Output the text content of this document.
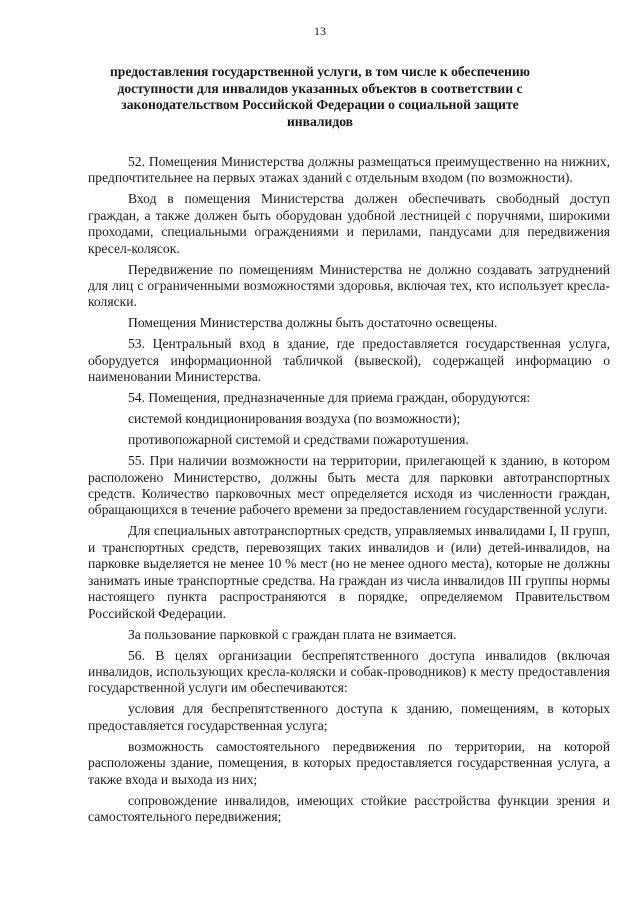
13
предоставления государственной услуги, в том числе к обеспечению доступности для инвалидов указанных объектов в соответствии с законодательством Российской Федерации о социальной защите инвалидов

52. Помещения Министерства должны размещаться преимущественно на нижних, предпочтительнее на первых этажах зданий с отдельным входом (по возможности).

Вход в помещения Министерства должен обеспечивать свободный доступ граждан, а также должен быть оборудован удобной лестницей с поручнями, широкими проходами, специальными ограждениями и перилами, пандусами для передвижения кресел-колясок.

Передвижение по помещениям Министерства не должно создавать затруднений для лиц с ограниченными возможностями здоровья, включая тех, кто использует кресла-коляски.

Помещения Министерства должны быть достаточно освещены.

53. Центральный вход в здание, где предоставляется государственная услуга, оборудуется информационной табличкой (вывеской), содержащей информацию о наименовании Министерства.

54. Помещения, предназначенные для приема граждан, оборудуются:

системой кондиционирования воздуха (по возможности);

противопожарной системой и средствами пожаротушения.

55. При наличии возможности на территории, прилегающей к зданию, в котором расположено Министерство, должны быть места для парковки автотранспортных средств. Количество парковочных мест определяется исходя из численности граждан, обращающихся в течение рабочего времени за предоставлением государственной услуги.

Для специальных автотранспортных средств, управляемых инвалидами I, II групп, и транспортных средств, перевозящих таких инвалидов и (или) детей-инвалидов, на парковке выделяется не менее 10 % мест (но не менее одного места), которые не должны занимать иные транспортные средства. На граждан из числа инвалидов III группы нормы настоящего пункта распространяются в порядке, определяемом Правительством Российской Федерации.

За пользование парковкой с граждан плата не взимается.

56. В целях организации беспрепятственного доступа инвалидов (включая инвалидов, использующих кресла-коляски и собак-проводников) к месту предоставления государственной услуги им обеспечиваются:

условия для беспрепятственного доступа к зданию, помещениям, в которых предоставляется государственная услуга;

возможность самостоятельного передвижения по территории, на которой расположены здание, помещения, в которых предоставляется государственная услуга, а также входа и выхода из них;

сопровождение инвалидов, имеющих стойкие расстройства функции зрения и самостоятельного передвижения;
